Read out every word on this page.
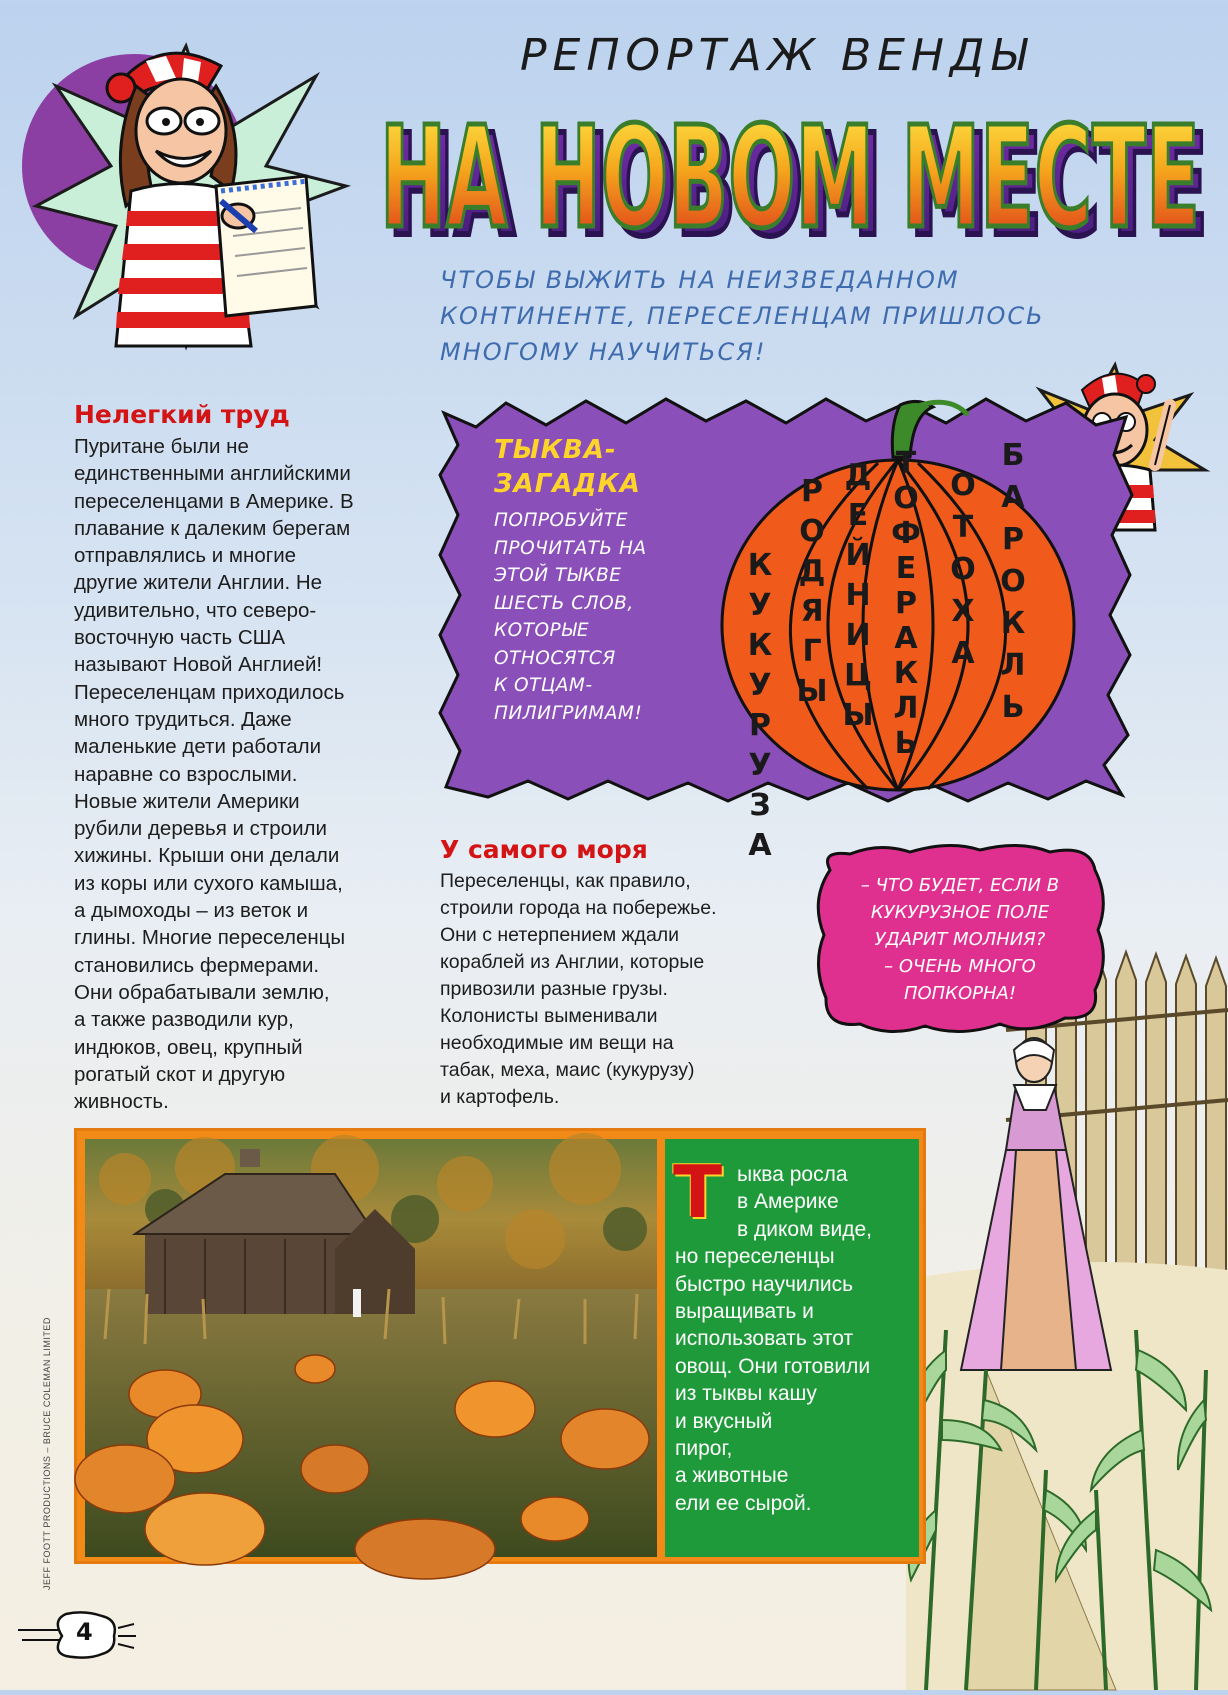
РЕПОРТАЖ ВЕНДЫ
НА НОВОМ МЕСТЕ
НА НОВОМ МЕСТЕ
ЧТОБЫ ВЫЖИТЬ НА НЕИЗВЕДАННОМ
КОНТИНЕНТЕ, ПЕРЕСЕЛЕНЦАМ ПРИШЛОСЬ
МНОГОМУ НАУЧИТЬСЯ!
Нелегкий труд
Пуритане были не
единственными английскими
переселенцами в Америке. В
плавание к далеким берегам
отправлялись и многие
другие жители Англии. Не
удивительно, что северо-
восточную часть США
называют Новой Англией!
Переселенцам приходилось
много трудиться. Даже
маленькие дети работали
наравне со взрослыми.
Новые жители Америки
рубили деревья и строили
хижины. Крыши они делали
из коры или сухого камыша,
а дымоходы – из веток и
глины. Многие переселенцы
становились фермерами.
Они обрабатывали землю,
а также разводили кур,
индюков, овец, крупный
рогатый скот и другую
живность.
ТЫКВА-
ЗАГАДКА
ПОПРОБУЙТЕ
ПРОЧИТАТЬ НА
ЭТОЙ ТЫКВЕ
ШЕСТЬ СЛОВ,
КОТОРЫЕ
ОТНОСЯТСЯ
К ОТЦАМ-
ПИЛИГРИМАМ!
К
У
К
У
Р
У
З
А
Р
О
Д
Я
Г
Ы
Д
Е
Й
Н
И
Ц
Ы
Т
О
Ф
Е
Р
А
К
Л
Ь
О
Т
О
Х
А
Б
А
Р
О
К
Л
Ь
У самого моря
Переселенцы, как правило,
строили города на побережье.
Они с нетерпением ждали
кораблей из Англии, которые
привозили разные грузы.
Колонисты выменивали
необходимые им вещи на
табак, меха, маис (кукурузу)
и картофель.
– ЧТО БУДЕТ, ЕСЛИ В
КУКУРУЗНОЕ ПОЛЕ
УДАРИТ МОЛНИЯ?
– ОЧЕНЬ МНОГО
ПОПКОРНА!
Т ыква росла
в Америке
в диком виде,
но переселенцы
быстро научились
выращивать и
использовать этот
овощ. Они готовили
из тыквы кашу
и вкусный
пирог,
а животные
ели ее сырой.
JEFF FOOTT PRODUCTIONS – BRUCE COLEMAN LIMITED
4
